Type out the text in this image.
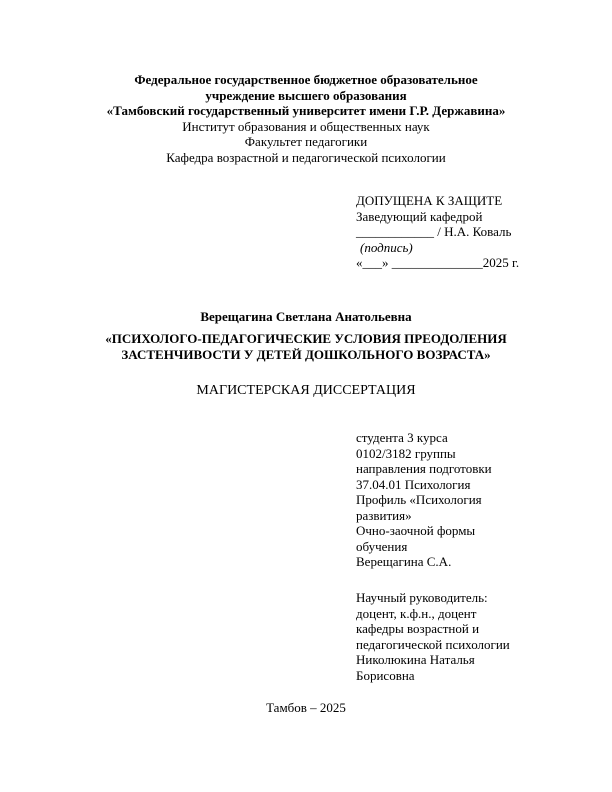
Федеральное государственное бюджетное образовательное
учреждение высшего образования
«Тамбовский государственный университет имени Г.Р. Державина»
Институт образования и общественных наук
Факультет педагогики
Кафедра возрастной и педагогической психологии
ДОПУЩЕНА К ЗАЩИТЕ
Заведующий кафедрой
____________ / Н.А. Коваль
(подпись)
«___» ______________2025 г.
Верещагина Светлана Анатольевна
«ПСИХОЛОГО-ПЕДАГОГИЧЕСКИЕ УСЛОВИЯ ПРЕОДОЛЕНИЯ
ЗАСТЕНЧИВОСТИ У ДЕТЕЙ ДОШКОЛЬНОГО ВОЗРАСТА»
МАГИСТЕРСКАЯ ДИССЕРТАЦИЯ
студента 3 курса
0102/3182 группы
направления подготовки
37.04.01 Психология
Профиль «Психология
развития»
Очно-заочной формы
обучения
Верещагина С.А.
Научный руководитель:
доцент, к.ф.н., доцент
кафедры возрастной и
педагогической психологии
Николюкина Наталья
Борисовна
Тамбов – 2025
